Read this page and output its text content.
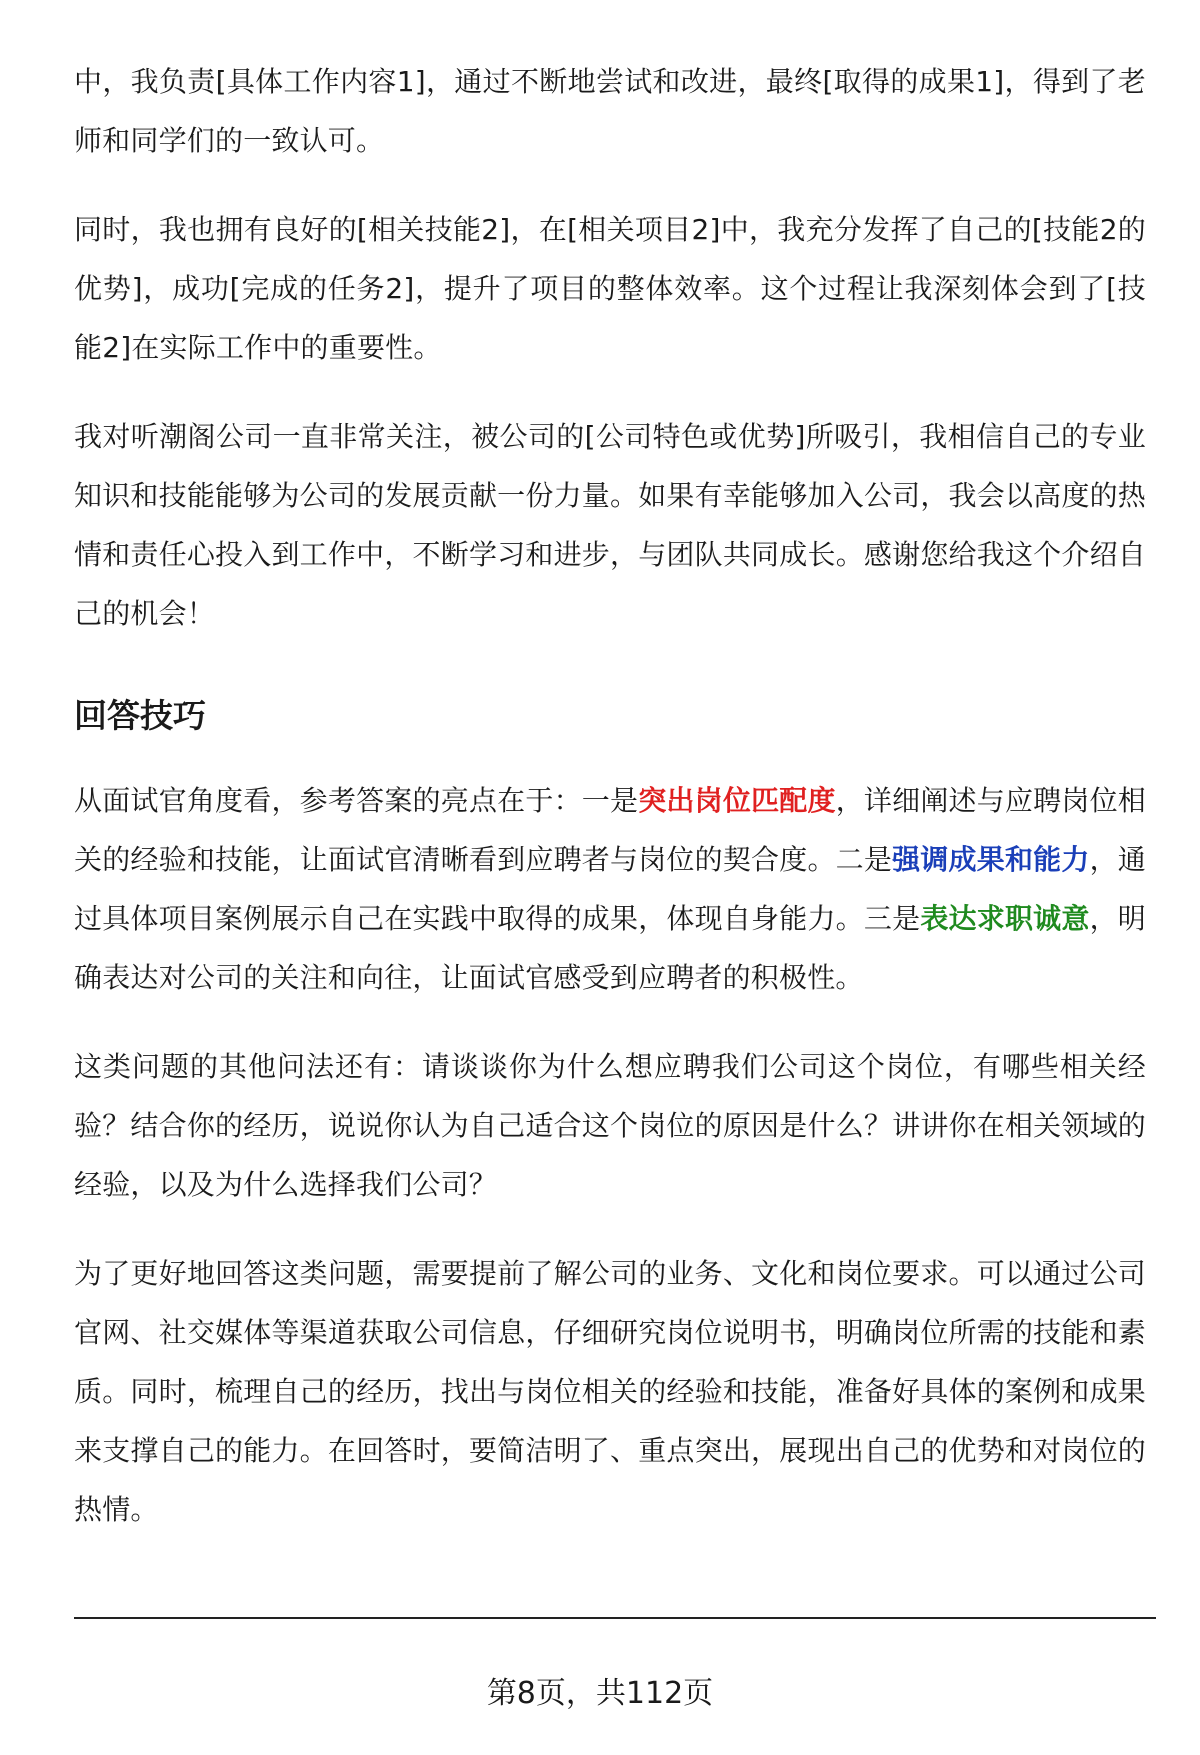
中，我负责[具体工作内容1]，通过不断地尝试和改进，最终[取得的成果1]，得到了老师和同学们的一致认可。

同时，我也拥有良好的[相关技能2]，在[相关项目2]中，我充分发挥了自己的[技能2的优势]，成功[完成的任务2]，提升了项目的整体效率。这个过程让我深刻体会到了[技能2]在实际工作中的重要性。

我对听潮阁公司一直非常关注，被公司的[公司特色或优势]所吸引，我相信自己的专业知识和技能能够为公司的发展贡献一份力量。如果有幸能够加入公司，我会以高度的热情和责任心投入到工作中，不断学习和进步，与团队共同成长。感谢您给我这个介绍自己的机会！

回答技巧

从面试官角度看，参考答案的亮点在于：一是突出岗位匹配度，详细阐述与应聘岗位相关的经验和技能，让面试官清晰看到应聘者与岗位的契合度。二是强调成果和能力，通过具体项目案例展示自己在实践中取得的成果，体现自身能力。三是表达求职诚意，明确表达对公司的关注和向往，让面试官感受到应聘者的积极性。

这类问题的其他问法还有：请谈谈你为什么想应聘我们公司这个岗位，有哪些相关经验？结合你的经历，说说你认为自己适合这个岗位的原因是什么？讲讲你在相关领域的经验，以及为什么选择我们公司？

为了更好地回答这类问题，需要提前了解公司的业务、文化和岗位要求。可以通过公司官网、社交媒体等渠道获取公司信息，仔细研究岗位说明书，明确岗位所需的技能和素质。同时，梳理自己的经历，找出与岗位相关的经验和技能，准备好具体的案例和成果来支撑自己的能力。在回答时，要简洁明了、重点突出，展现出自己的优势和对岗位的热情。

第8页，共112页
